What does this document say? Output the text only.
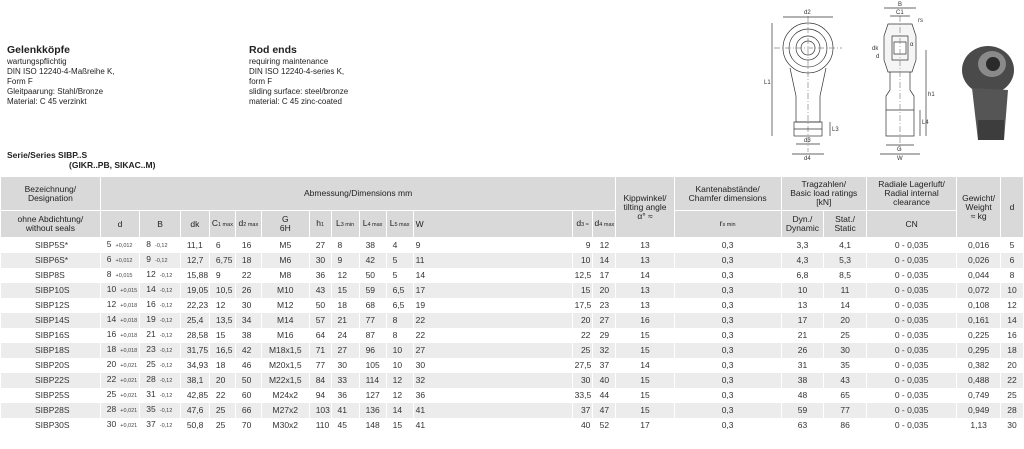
Gelenkköpfe
wartungspflichtig
DIN ISO 12240-4-Maßreihe K,
Form F
Gleitpaarung: Stahl/Bronze
Material: C 45 verzinkt
Rod ends
requiring maintenance
DIN ISO 12240-4-series K,
form F
sliding surface: steel/bronze
material: C 45 zinc-coated
Serie/Series SIBP..S
(GIKR..PB, SIKAC..M)
d2
L1
d3
d4
L3
B
C1
rs
dk
d
α
h1
L4
G
W
Bezeichnung/
Designation	Abmessung/Dimensions mm													Kippwinkel/
tilting angle
α° ≈	Kantenabstände/
Chamfer dimensions	Tragzahlen/
Basic load ratings [kN]		Radiale Lagerluft/
Radial internal
clearance	Gewicht/
Weight
≈ kg	d
ohne Abdichtung/
without seals	d	B	dk	C1 max	d2 max	G
6H	h1	L3 min	L4 max	L5 max	W	d3 ≈	d4 max		rs min	Dyn./
Dynamic	Stat./
Static	CN		
SIBP5S*	5 +0,012	8 -0,12	11,1	6	16	M5	27	8	38	4	9	9	12	13	0,3	3,3	4,1	0 - 0,035	0,016	5
SIBP6S*	6 +0,012	9 -0,12	12,7	6,75	18	M6	30	9	42	5	11	10	14	13	0,3	4,3	5,3	0 - 0,035	0,026	6
SIBP8S	8 +0,015	12 -0,12	15,88	9	22	M8	36	12	50	5	14	12,5	17	14	0,3	6,8	8,5	0 - 0,035	0,044	8
SIBP10S	10 +0,015	14 -0,12	19,05	10,5	26	M10	43	15	59	6,5	17	15	20	13	0,3	10	11	0 - 0,035	0,072	10
SIBP12S	12 +0,018	16 -0,12	22,23	12	30	M12	50	18	68	6,5	19	17,5	23	13	0,3	13	14	0 - 0,035	0,108	12
SIBP14S	14 +0,018	19 -0,12	25,4	13,5	34	M14	57	21	77	8	22	20	27	16	0,3	17	20	0 - 0,035	0,161	14
SIBP16S	16 +0,018	21 -0,12	28,58	15	38	M16	64	24	87	8	22	22	29	15	0,3	21	25	0 - 0,035	0,225	16
SIBP18S	18 +0,018	23 -0,12	31,75	16,5	42	M18x1,5	71	27	96	10	27	25	32	15	0,3	26	30	0 - 0,035	0,295	18
SIBP20S	20 +0,021	25 -0,12	34,93	18	46	M20x1,5	77	30	105	10	30	27,5	37	14	0,3	31	35	0 - 0,035	0,382	20
SIBP22S	22 +0,021	28 -0,12	38,1	20	50	M22x1,5	84	33	114	12	32	30	40	15	0,3	38	43	0 - 0,035	0,488	22
SIBP25S	25 +0,021	31 -0,12	42,85	22	60	M24x2	94	36	127	12	36	33,5	44	15	0,3	48	65	0 - 0,035	0,749	25
SIBP28S	28 +0,021	35 -0,12	47,6	25	66	M27x2	103	41	136	14	41	37	47	15	0,3	59	77	0 - 0,035	0,949	28
SIBP30S	30 +0,021	37 -0,12	50,8	25	70	M30x2	110	45	148	15	41	40	52	17	0,3	63	86	0 - 0,035	1,13	30
